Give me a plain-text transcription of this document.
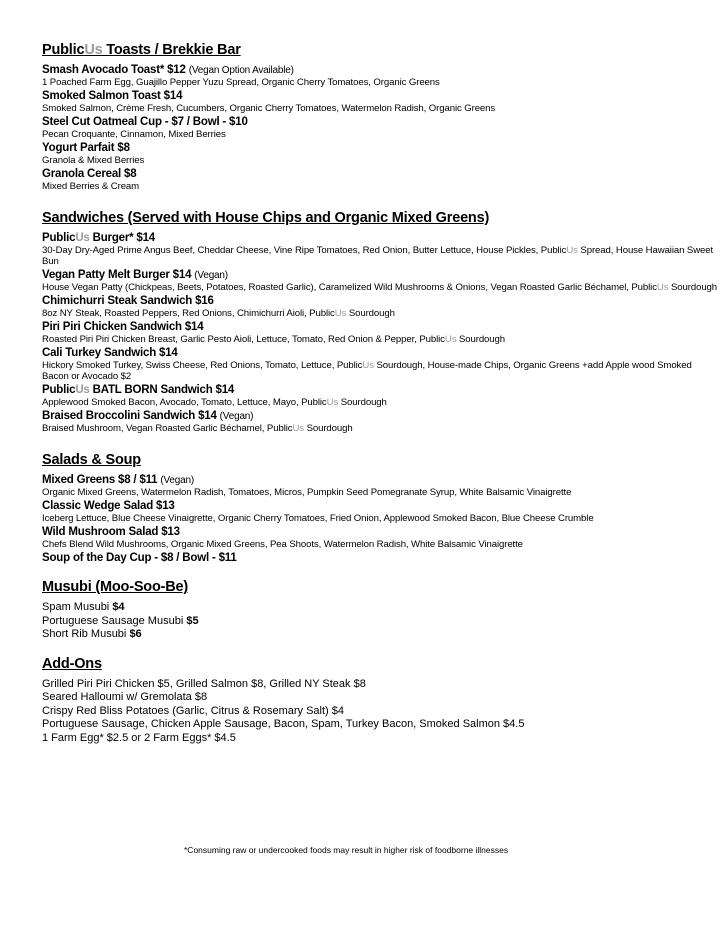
PublicUs Toasts / Brekkie Bar
Smash Avocado Toast* $12 (Vegan Option Available)
1 Poached Farm Egg, Guajillo Pepper Yuzu Spread, Organic Cherry Tomatoes, Organic Greens
Smoked Salmon Toast $14
Smoked Salmon, Crème Fresh, Cucumbers, Organic Cherry Tomatoes, Watermelon Radish, Organic Greens
Steel Cut Oatmeal Cup - $7 / Bowl - $10
Pecan Croquante, Cinnamon, Mixed Berries
Yogurt Parfait $8
Granola & Mixed Berries
Granola Cereal $8
Mixed Berries & Cream
Sandwiches (Served with House Chips and Organic Mixed Greens)
PublicUs Burger* $14
30-Day Dry-Aged Prime Angus Beef, Cheddar Cheese, Vine Ripe Tomatoes, Red Onion, Butter Lettuce, House Pickles, PublicUs Spread, House Hawaiian Sweet Bun
Vegan Patty Melt Burger $14 (Vegan)
House Vegan Patty (Chickpeas, Beets, Potatoes, Roasted Garlic), Caramelized Wild Mushrooms & Onions, Vegan Roasted Garlic Béchamel, PublicUs Sourdough
Chimichurri Steak Sandwich $16
8oz NY Steak, Roasted Peppers, Red Onions, Chimichurri Aioli, PublicUs Sourdough
Piri Piri Chicken Sandwich $14
Roasted Piri Piri Chicken Breast, Garlic Pesto Aioli, Lettuce, Tomato, Red Onion & Pepper, PublicUs Sourdough
Cali Turkey Sandwich $14
Hickory Smoked Turkey, Swiss Cheese, Red Onions, Tomato, Lettuce, PublicUs Sourdough, House-made Chips, Organic Greens +add Apple wood Smoked Bacon or Avocado $2
PublicUs BATL BORN Sandwich $14
Applewood Smoked Bacon, Avocado, Tomato, Lettuce, Mayo, PublicUs Sourdough
Braised Broccolini Sandwich $14 (Vegan)
Braised Mushroom, Vegan Roasted Garlic Béchamel, PublicUs Sourdough
Salads & Soup
Mixed Greens $8 / $11 (Vegan)
Organic Mixed Greens, Watermelon Radish, Tomatoes, Micros, Pumpkin Seed Pomegranate Syrup, White Balsamic Vinaigrette
Classic Wedge Salad $13
Iceberg Lettuce, Blue Cheese Vinaigrette, Organic Cherry Tomatoes, Fried Onion, Applewood Smoked Bacon, Blue Cheese Crumble
Wild Mushroom Salad $13
Chefs Blend Wild Mushrooms, Organic Mixed Greens, Pea Shoots, Watermelon Radish, White Balsamic Vinaigrette
Soup of the Day Cup - $8 / Bowl - $11
Musubi (Moo-Soo-Be)
Spam Musubi $4
Portuguese Sausage Musubi $5
Short Rib Musubi $6
Add-Ons
Grilled Piri Piri Chicken $5, Grilled Salmon $8, Grilled NY Steak $8
Seared Halloumi w/ Gremolata $8
Crispy Red Bliss Potatoes (Garlic, Citrus & Rosemary Salt) $4
Portuguese Sausage, Chicken Apple Sausage, Bacon, Spam, Turkey Bacon, Smoked Salmon $4.5
1 Farm Egg* $2.5 or 2 Farm Eggs* $4.5
*Consuming raw or undercooked foods may result in higher risk of foodborne illnesses
